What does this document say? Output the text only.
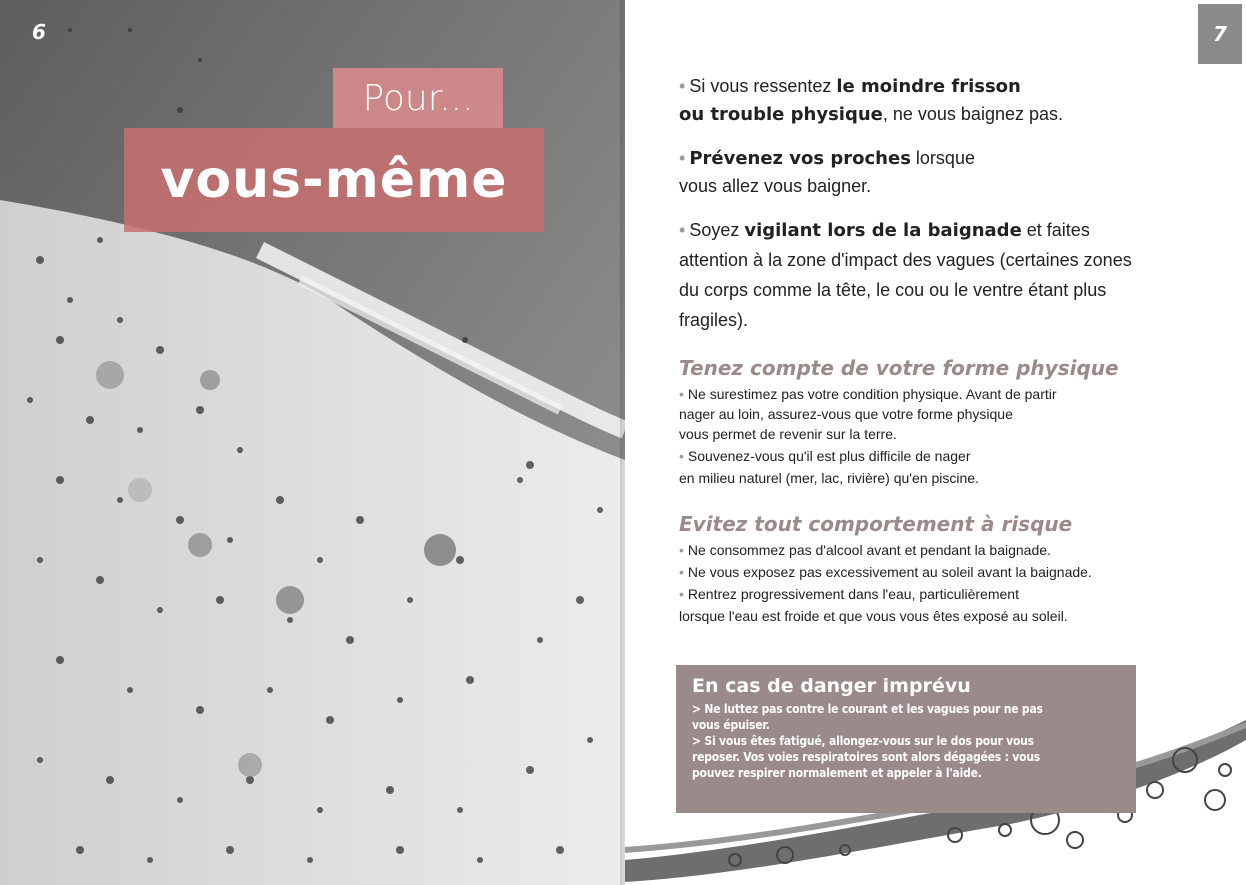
6
Pour...
vous-même
7
• Si vous ressentez le moindre frisson
ou trouble physique, ne vous baignez pas.
• Prévenez vos proches lorsque
vous allez vous baigner.
• Soyez vigilant lors de la baignade et faites
attention à la zone d'impact des vagues (certaines zones
du corps comme la tête, le cou ou le ventre étant plus
fragiles).
Tenez compte de votre forme physique
• Ne surestimez pas votre condition physique. Avant de partir
nager au loin, assurez-vous que votre forme physique
vous permet de revenir sur la terre.
• Souvenez-vous qu'il est plus difficile de nager
en milieu naturel (mer, lac, rivière) qu'en piscine.
Evitez tout comportement à risque
• Ne consommez pas d'alcool avant et pendant la baignade.
• Ne vous exposez pas excessivement au soleil avant la baignade.
• Rentrez progressivement dans l'eau, particulièrement
lorsque l'eau est froide et que vous vous êtes exposé au soleil.
En cas de danger imprévu
> Ne luttez pas contre le courant et les vagues pour ne pas
vous épuiser.
> Si vous êtes fatigué, allongez-vous sur le dos pour vous
reposer. Vos voies respiratoires sont alors dégagées : vous
pouvez respirer normalement et appeler à l'aide.
